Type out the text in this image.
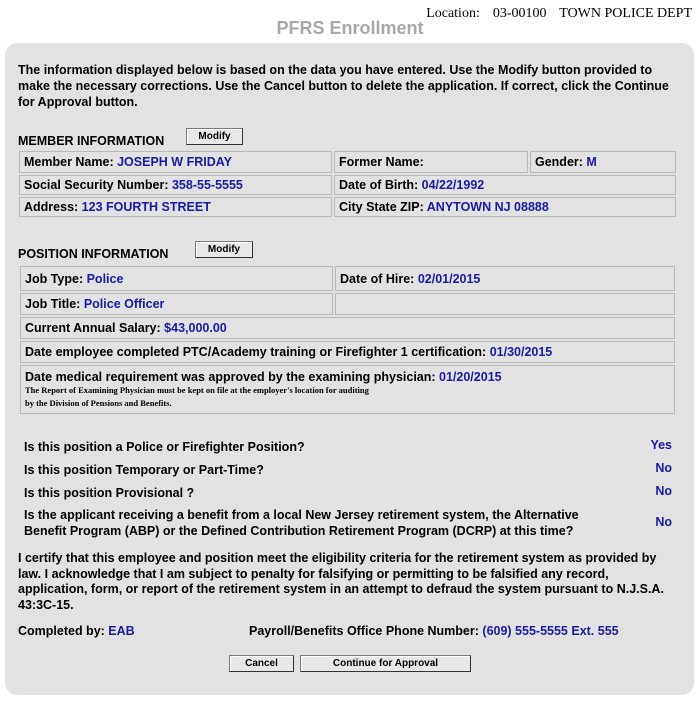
Location: 03-00100 TOWN POLICE DEPT
PFRS Enrollment
The information displayed below is based on the data you have entered. Use the Modify button provided to make the necessary corrections. Use the Cancel button to delete the application. If correct, click the Continue for Approval button.
MEMBER INFORMATION	Modify
Member Name: JOSEPH W FRIDAY	Former Name:	Gender: M
Social Security Number: 358-55-5555	Date of Birth: 04/22/1992	
Address: 123 FOURTH STREET	City State ZIP: ANYTOWN NJ 08888	
POSITION INFORMATION	Modify
Job Type: Police	Date of Hire: 02/01/2015
Job Title: Police Officer	
Current Annual Salary: $43,000.00	
Date employee completed PTC/Academy training or Firefighter 1 certification: 01/30/2015	

Date medical requirement was approved by the examining physician: 01/20/2015
The Report of Examining Physician must be kept on file at the employer's location for auditing
by the Division of Pensions and Benefits.	
Is this position a Police or Firefighter Position?	Yes
Is this position Temporary or Part-Time?	No
Is this position Provisional ?	No
Is the applicant receiving a benefit from a local New Jersey retirement system, the Alternative Benefit Program (ABP) or the Defined Contribution Retirement Program (DCRP) at this time?
No
I certify that this employee and position meet the eligibility criteria for the retirement system as provided by law. I acknowledge that I am subject to penalty for falsifying or permitting to be falsified any record, application, form, or report of the retirement system in an attempt to defraud the system pursuant to N.J.S.A. 43:3C-15.
Completed by: EAB	Payroll/Benefits Office Phone Number: (609) 555-5555 Ext. 555
Cancel	Continue for Approval
